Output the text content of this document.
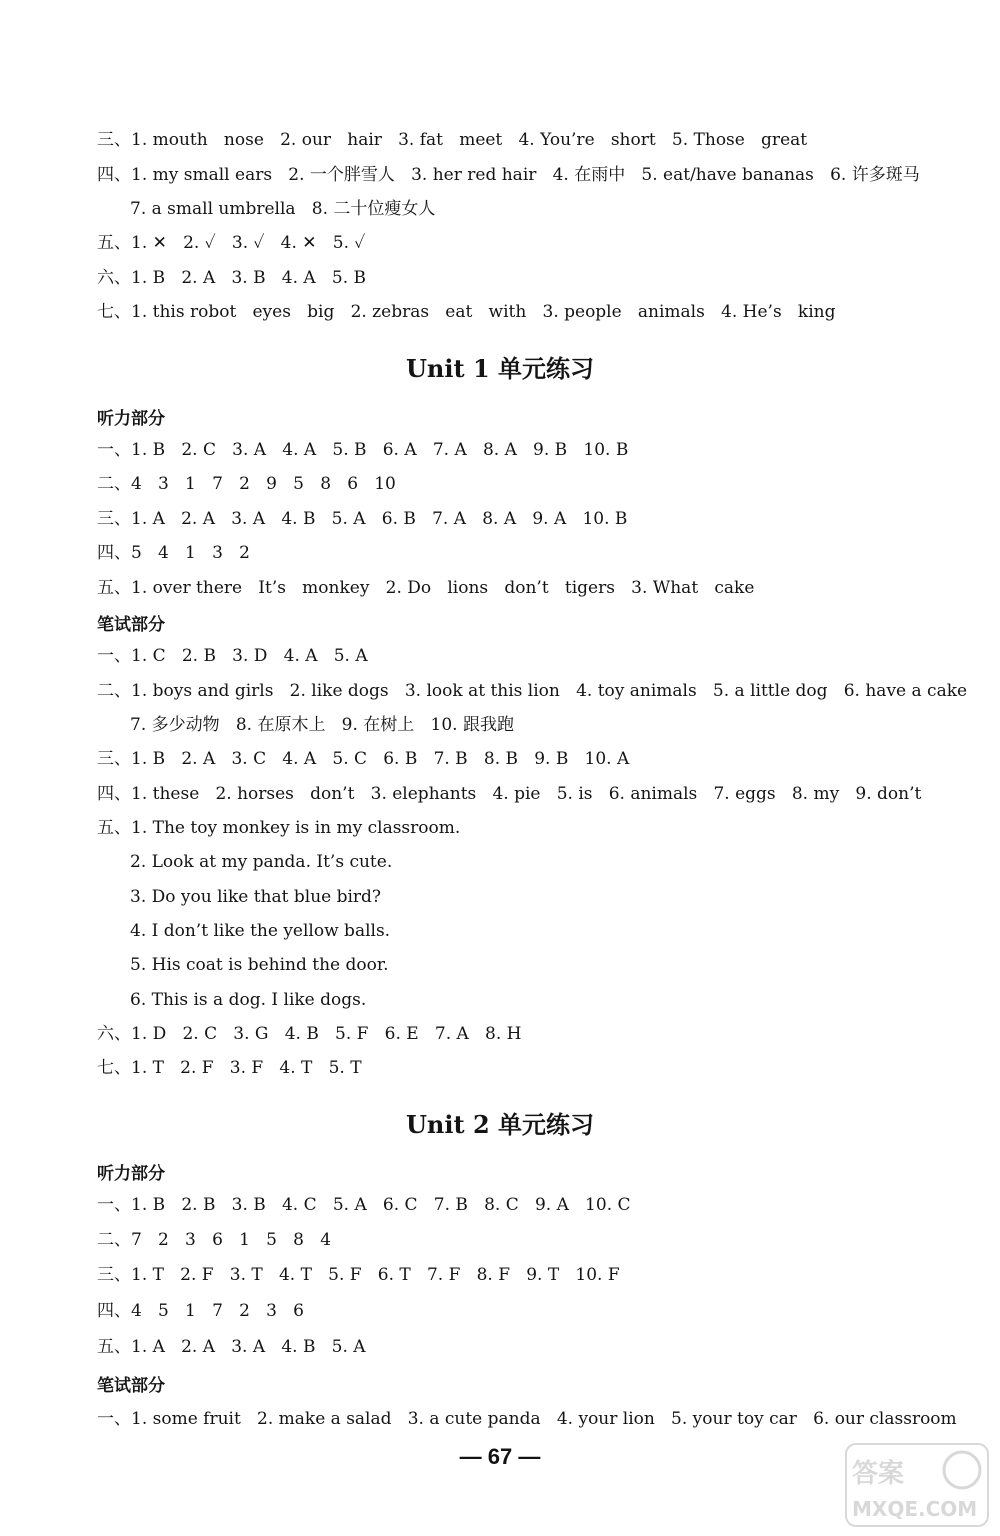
三、1. mouth   nose   2. our   hair   3. fat   meet   4. You’re   short   5. Those   great
四、1. my small ears   2. 一个胖雪人   3. her red hair   4. 在雨中   5. eat/have bananas   6. 许多斑马
7. a small umbrella   8. 二十位瘦女人
五、1. ✕   2. ✓   3. ✓   4. ✕   5. ✓
六、1. B   2. A   3. B   4. A   5. B
七、1. this robot   eyes   big   2. zebras   eat   with   3. people   animals   4. He’s   king
Unit 1 单元练习
听力部分
一、1. B   2. C   3. A   4. A   5. B   6. A   7. A   8. A   9. B   10. B
二、4   3   1   7   2   9   5   8   6   10
三、1. A   2. A   3. A   4. B   5. A   6. B   7. A   8. A   9. A   10. B
四、5   4   1   3   2
五、1. over there   It’s   monkey   2. Do   lions   don’t   tigers   3. What   cake
笔试部分
一、1. C   2. B   3. D   4. A   5. A
二、1. boys and girls   2. like dogs   3. look at this lion   4. toy animals   5. a little dog   6. have a cake
7. 多少动物   8. 在原木上   9. 在树上   10. 跟我跑
三、1. B   2. A   3. C   4. A   5. C   6. B   7. B   8. B   9. B   10. A
四、1. these   2. horses   don’t   3. elephants   4. pie   5. is   6. animals   7. eggs   8. my   9. don’t
五、1. The toy monkey is in my classroom.
2. Look at my panda. It’s cute.
3. Do you like that blue bird?
4. I don’t like the yellow balls.
5. His coat is behind the door.
6. This is a dog. I like dogs.
六、1. D   2. C   3. G   4. B   5. F   6. E   7. A   8. H
七、1. T   2. F   3. F   4. T   5. T
Unit 2 单元练习
听力部分
一、1. B   2. B   3. B   4. C   5. A   6. C   7. B   8. C   9. A   10. C
二、7   2   3   6   1   5   8   4
三、1. T   2. F   3. T   4. T   5. F   6. T   7. F   8. F   9. T   10. F
四、4   5   1   7   2   3   6
五、1. A   2. A   3. A   4. B   5. A
笔试部分
一、1. some fruit   2. make a salad   3. a cute panda   4. your lion   5. your toy car   6. our classroom
— 67 —
答案
MXQE.COM
